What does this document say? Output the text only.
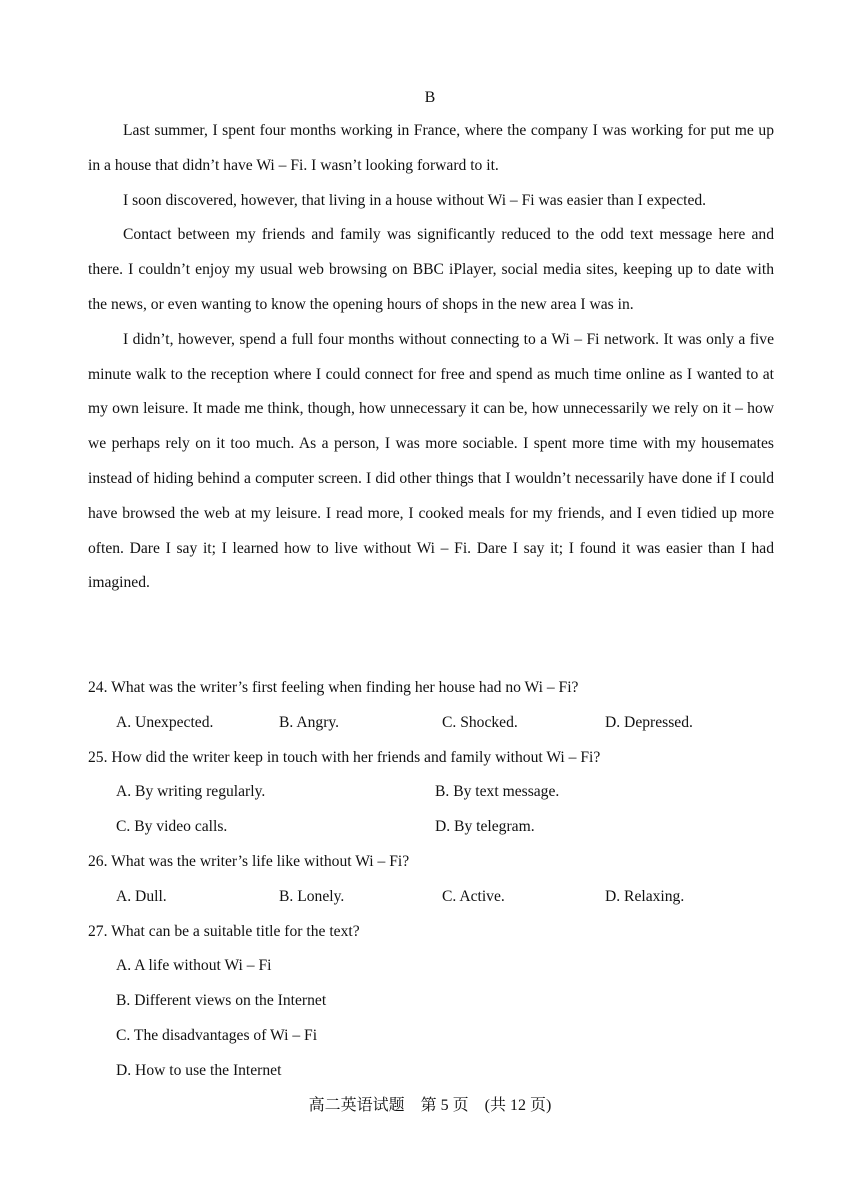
B

Last summer, I spent four months working in France, where the company I was working for put me up in a house that didn’t have Wi – Fi. I wasn’t looking forward to it.

I soon discovered, however, that living in a house without Wi – Fi was easier than I expected.

Contact between my friends and family was significantly reduced to the odd text message here and there. I couldn’t enjoy my usual web browsing on BBC iPlayer, social media sites, keeping up to date with the news, or even wanting to know the opening hours of shops in the new area I was in.

I didn’t, however, spend a full four months without connecting to a Wi – Fi network. It was only a five minute walk to the reception where I could connect for free and spend as much time online as I wanted to at my own leisure. It made me think, though, how unnecessary it can be, how unnecessarily we rely on it – how we perhaps rely on it too much. As a person, I was more sociable. I spent more time with my housemates instead of hiding behind a computer screen. I did other things that I wouldn’t necessarily have done if I could have browsed the web at my leisure. I read more, I cooked meals for my friends, and I even tidied up more often. Dare I say it; I learned how to live without Wi – Fi. Dare I say it; I found it was easier than I had imagined.

24. What was the writer’s first feeling when finding her house had no Wi – Fi?

A. Unexpected.	B. Angry.	C. Shocked.	D. Depressed.

25. How did the writer keep in touch with her friends and family without Wi – Fi?

A. By writing regularly.	B. By text message.
C. By video calls.	D. By telegram.

26. What was the writer’s life like without Wi – Fi?

A. Dull.	B. Lonely.	C. Active.	D. Relaxing.

27. What can be a suitable title for the text?

A. A life without Wi – Fi

B. Different views on the Internet

C. The disadvantages of Wi – Fi

D. How to use the Internet

高二英语试题　第 5 页　(共 12 页)
